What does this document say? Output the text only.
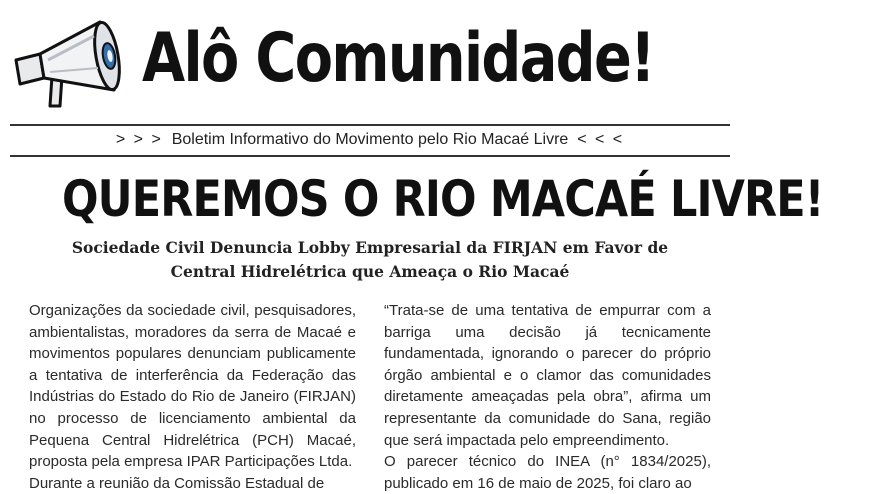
Alô Comunidade!
> > > Boletim Informativo do Movimento pelo Rio Macaé Livre < < <
QUEREMOS O RIO MACAÉ LIVRE!
Sociedade Civil Denuncia Lobby Empresarial da FIRJAN em Favor de
Central Hidrelétrica que Ameaça o Rio Macaé

Organizações da sociedade civil, pesquisadores, ambientalistas, moradores da serra de Macaé e movimentos populares denunciam publicamente a tentativa de interferência da Federação das Indústrias do Estado do Rio de Janeiro (FIRJAN) no processo de licenciamento ambiental da Pequena Central Hidrelétrica (PCH) Macaé, proposta pela empresa IPAR Participações Ltda.

Durante a reunião da Comissão Estadual de

“Trata-se de uma tentativa de empurrar com a barriga uma decisão já tecnicamente fundamentada, ignorando o parecer do próprio órgão ambiental e o clamor das comunidades diretamente ameaçadas pela obra”, afirma um representante da comunidade do Sana, região que será impactada pelo empreendimento.

O parecer técnico do INEA (n° 1834/2025), publicado em 16 de maio de 2025, foi claro ao
